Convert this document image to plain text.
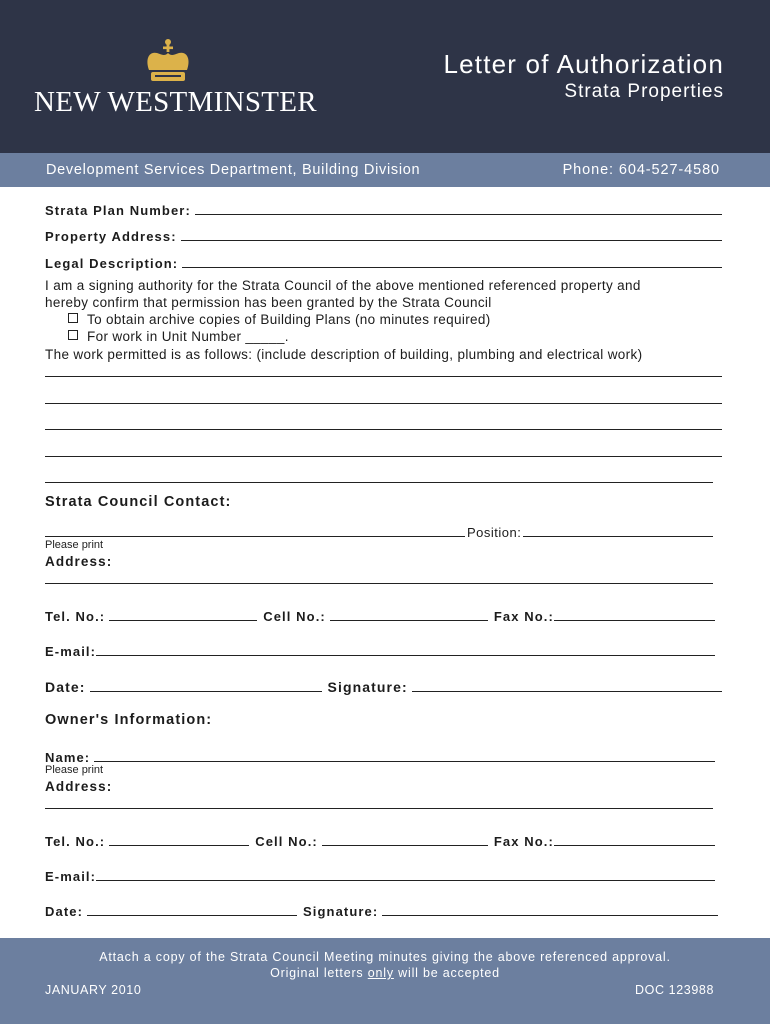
NEW WESTMINSTER
Letter of Authorization
Strata Properties
Development Services Department, Building Division	Phone: 604-527-4580
Strata Plan Number:
Property Address:
Legal Description:
I am a signing authority for the Strata Council of the above mentioned referenced property and
hereby confirm that permission has been granted by the Strata Council
To obtain archive copies of Building Plans (no minutes required)
For work in Unit Number _____.
The work permitted is as follows: (include description of building, plumbing and electrical work)
Strata Council Contact:
Position:
Please print
Address:
Tel. No.:	Cell No.:	Fax No.:
E-mail:
Date:	Signature:
Owner's Information:
Name:
Please print
Address:
Tel. No.:	Cell No.:	Fax No.:
E-mail:
Date:	Signature:
Attach a copy of the Strata Council Meeting minutes giving the above referenced approval.
Original letters only will be accepted
JANUARY 2010	DOC 123988
